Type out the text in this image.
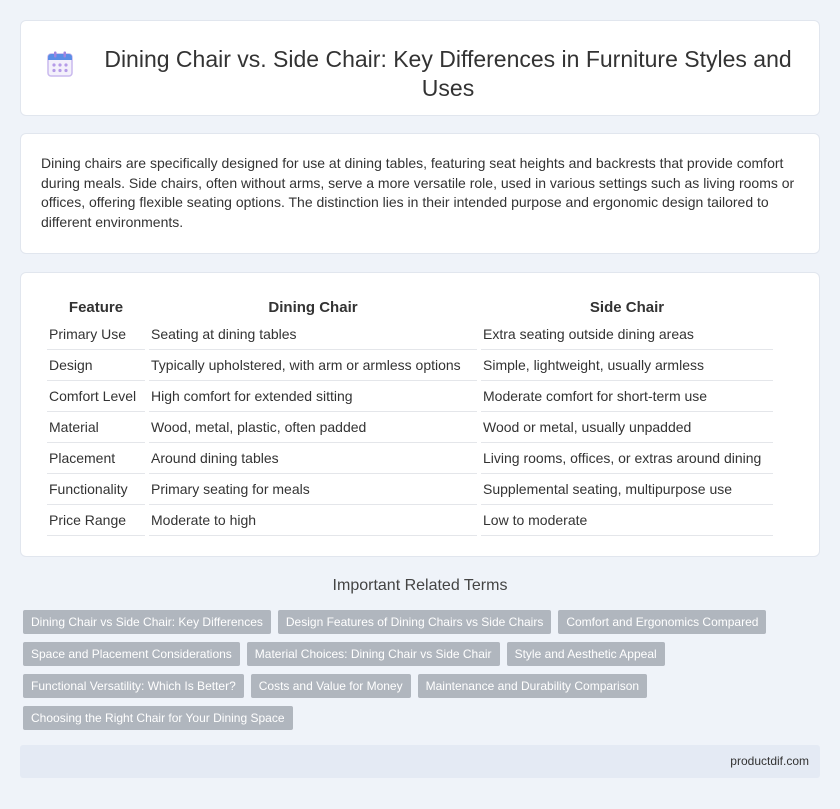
Dining Chair vs. Side Chair: Key Differences in Furniture Styles and Uses

Dining chairs are specifically designed for use at dining tables, featuring seat heights and backrests that provide comfort during meals. Side chairs, often without arms, serve a more versatile role, used in various settings such as living rooms or offices, offering flexible seating options. The distinction lies in their intended purpose and ergonomic design tailored to different environments.

Feature	Dining Chair	Side Chair
Primary Use	Seating at dining tables	Extra seating outside dining areas
Design	Typically upholstered, with arm or armless options	Simple, lightweight, usually armless
Comfort Level	High comfort for extended sitting	Moderate comfort for short-term use
Material	Wood, metal, plastic, often padded	Wood or metal, usually unpadded
Placement	Around dining tables	Living rooms, offices, or extras around dining
Functionality	Primary seating for meals	Supplemental seating, multipurpose use
Price Range	Moderate to high	Low to moderate
Important Related Terms
Dining Chair vs Side Chair: Key Differences	Design Features of Dining Chairs vs Side Chairs	Comfort and Ergonomics Compared
Space and Placement Considerations	Material Choices: Dining Chair vs Side Chair	Style and Aesthetic Appeal
Functional Versatility: Which Is Better?	Costs and Value for Money	Maintenance and Durability Comparison
Choosing the Right Chair for Your Dining Space
productdif.com
